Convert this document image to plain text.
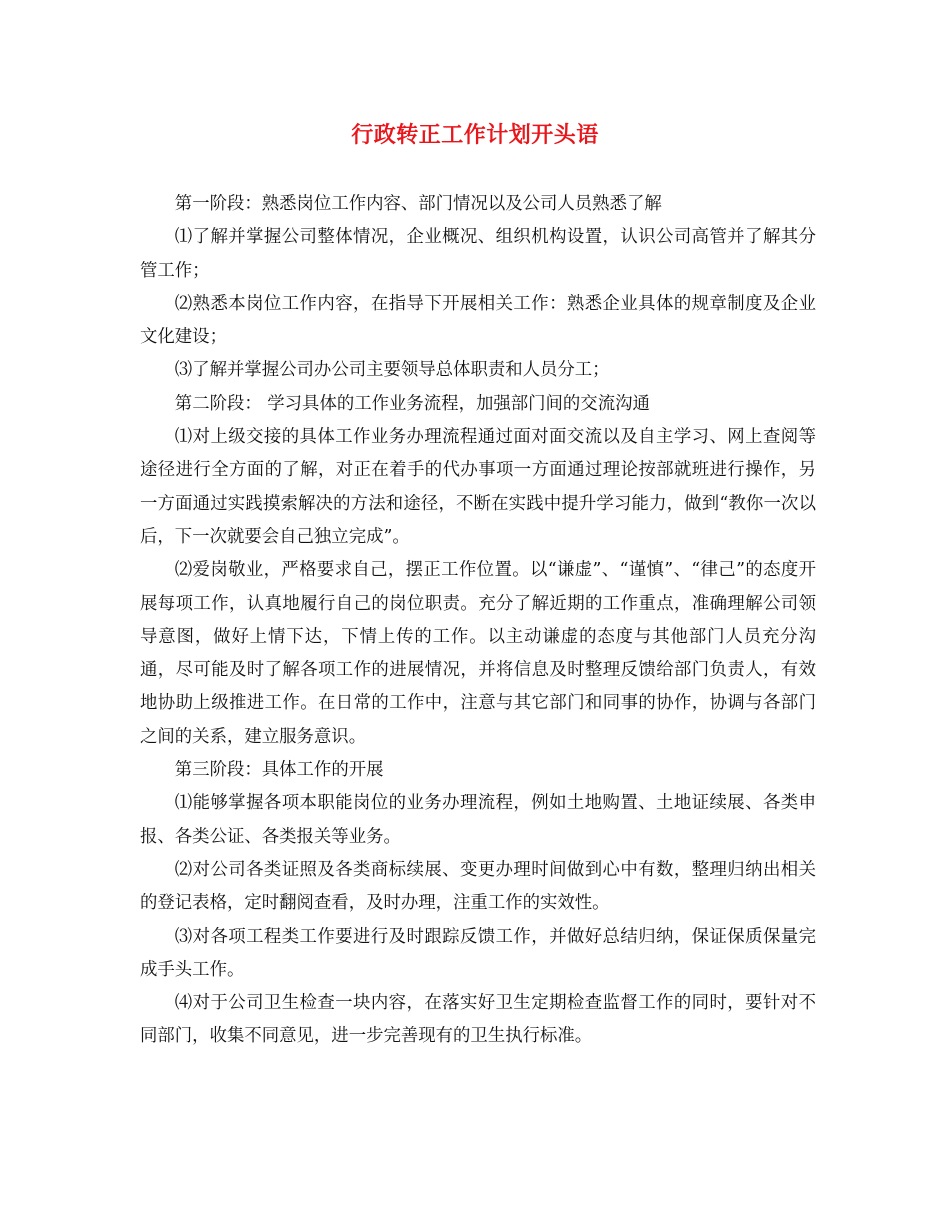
行政转正工作计划开头语

第一阶段：熟悉岗位工作内容、部门情况以及公司人员熟悉了解

⑴了解并掌握公司整体情况，企业概况、组织机构设置，认识公司高管并了解其分管工作；

⑵熟悉本岗位工作内容，在指导下开展相关工作：熟悉企业具体的规章制度及企业文化建设；

⑶了解并掌握公司办公司主要领导总体职责和人员分工；

第二阶段： 学习具体的工作业务流程，加强部门间的交流沟通

⑴对上级交接的具体工作业务办理流程通过面对面交流以及自主学习、网上查阅等途径进行全方面的了解，对正在着手的代办事项一方面通过理论按部就班进行操作，另一方面通过实践摸索解决的方法和途径，不断在实践中提升学习能力，做到“教你一次以后，下一次就要会自己独立完成”。

⑵爱岗敬业，严格要求自己，摆正工作位置。以“谦虚”、“谨慎”、“律己”的态度开展每项工作，认真地履行自己的岗位职责。充分了解近期的工作重点，准确理解公司领导意图，做好上情下达，下情上传的工作。以主动谦虚的态度与其他部门人员充分沟通，尽可能及时了解各项工作的进展情况，并将信息及时整理反馈给部门负责人，有效地协助上级推进工作。在日常的工作中，注意与其它部门和同事的协作，协调与各部门之间的关系，建立服务意识。

第三阶段：具体工作的开展

⑴能够掌握各项本职能岗位的业务办理流程，例如土地购置、土地证续展、各类申报、各类公证、各类报关等业务。

⑵对公司各类证照及各类商标续展、变更办理时间做到心中有数，整理归纳出相关的登记表格，定时翻阅查看，及时办理，注重工作的实效性。

⑶对各项工程类工作要进行及时跟踪反馈工作，并做好总结归纳，保证保质保量完成手头工作。

⑷对于公司卫生检查一块内容，在落实好卫生定期检查监督工作的同时，要针对不同部门，收集不同意见，进一步完善现有的卫生执行标准。
